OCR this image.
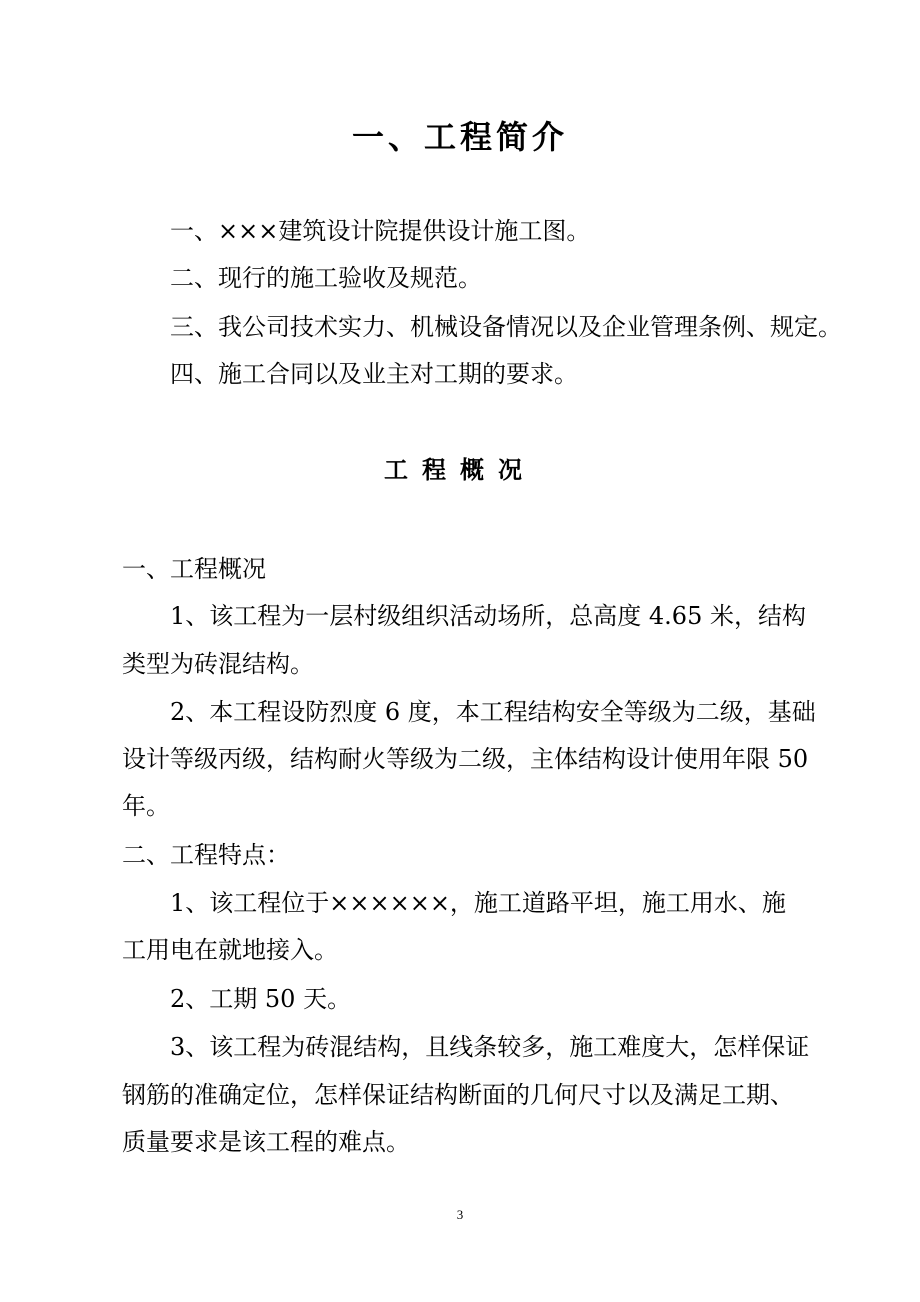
一、工程简介

一、×××建筑设计院提供设计施工图。

二、现行的施工验收及规范。

三、我公司技术实力、机械设备情况以及企业管理条例、规定。

四、施工合同以及业主对工期的要求。

工程概况

一、工程概况

1、该工程为一层村级组织活动场所，总高度 4.65 米，结构

类型为砖混结构。

2、本工程设防烈度 6 度，本工程结构安全等级为二级，基础

设计等级丙级，结构耐火等级为二级，主体结构设计使用年限 50

年。

二、工程特点：

1、该工程位于××××××，施工道路平坦，施工用水、施

工用电在就地接入。

2、工期 50 天。

3、该工程为砖混结构，且线条较多，施工难度大，怎样保证

钢筋的准确定位，怎样保证结构断面的几何尺寸以及满足工期、

质量要求是该工程的难点。

3
